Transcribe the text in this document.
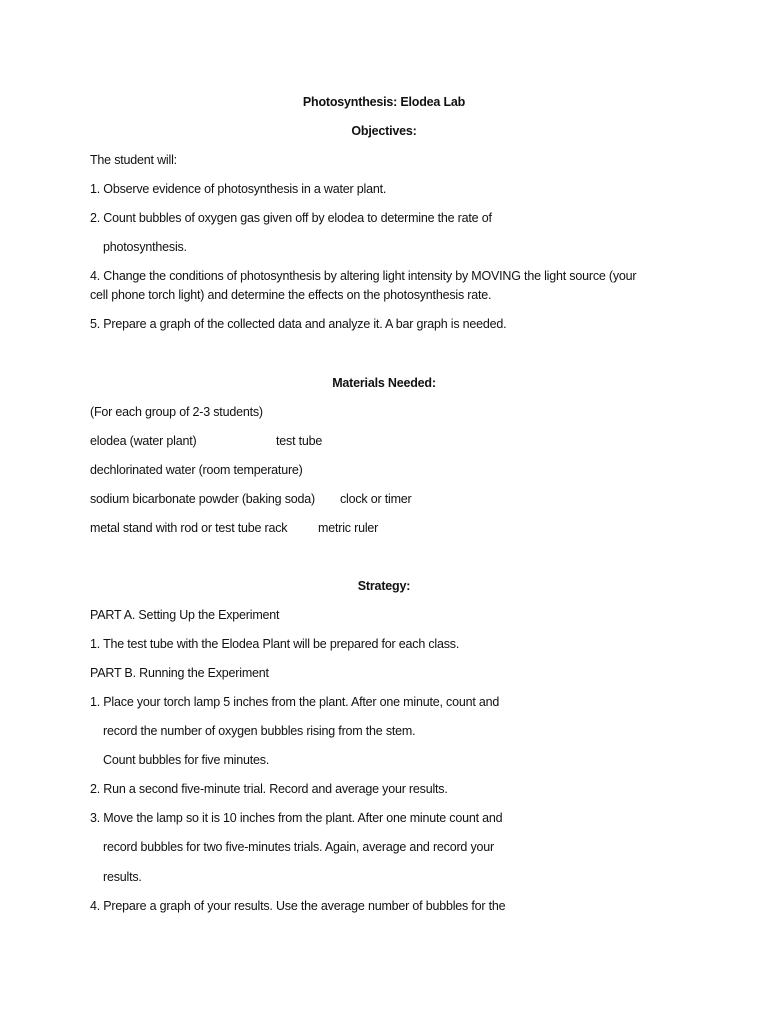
Photosynthesis: Elodea Lab
Objectives:
The student will:
1. Observe evidence of photosynthesis in a water plant.
2. Count bubbles of oxygen gas given off by elodea to determine the rate of
photosynthesis.
4. Change the conditions of photosynthesis by altering light intensity by MOVING the light source (your
cell phone torch light) and determine the effects on the photosynthesis rate.
5. Prepare a graph of the collected data and analyze it. A bar graph is needed.
Materials Needed:
(For each group of 2-3 students)
elodea (water plant)	test tube
dechlorinated water (room temperature)
sodium bicarbonate powder (baking soda) clock or timer
metal stand with rod or test tube rack metric ruler
Strategy:
PART A. Setting Up the Experiment
1. The test tube with the Elodea Plant will be prepared for each class.
PART B. Running the Experiment
1. Place your torch lamp 5 inches from the plant. After one minute, count and
record the number of oxygen bubbles rising from the stem.
Count bubbles for five minutes.
2. Run a second five-minute trial. Record and average your results.
3. Move the lamp so it is 10 inches from the plant. After one minute count and
record bubbles for two five-minutes trials. Again, average and record your
results.
4. Prepare a graph of your results. Use the average number of bubbles for the
